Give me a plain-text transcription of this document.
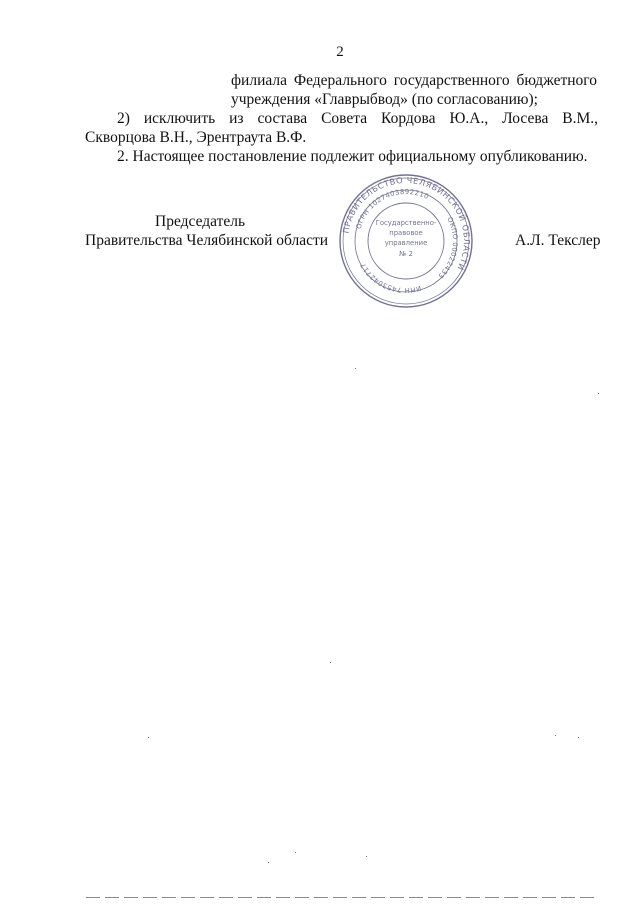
2
филиала Федерального государственного бюджетного
учреждения «Главрыбвод» (по согласованию);
2) исключить из состава Совета Кордова Ю.А., Лосева В.М.,
Скворцова В.Н., Эрентраута В.Ф.
2. Настоящее постановление подлежит официальному опубликованию.
Председатель
Правительства Челябинской области	А.Л. Текслер
ПРАВИТЕЛЬСТВО ЧЕЛЯБИНСКОЙ ОБЛАСТИ
ОГРН 1027403892210
ОКПО 00022433
ИНН 7453042717
Государственно-
правовое
управление
№ 2
